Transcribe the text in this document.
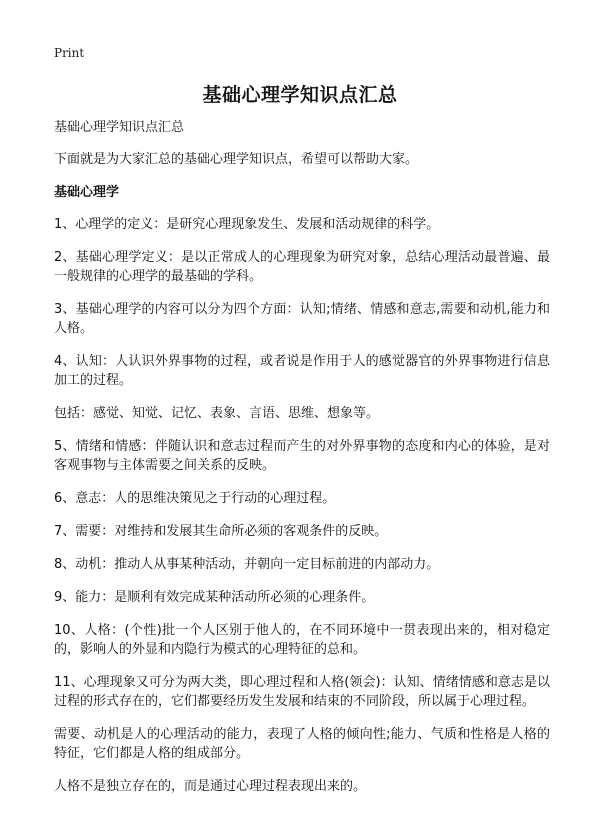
Print
基础心理学知识点汇总

基础心理学知识点汇总

下面就是为大家汇总的基础心理学知识点，希望可以帮助大家。

基础心理学

1、心理学的定义：是研究心理现象发生、发展和活动规律的科学。

2、基础心理学定义：是以正常成人的心理现象为研究对象，总结心理活动最普遍、最一般规律的心理学的最基础的学科。

3、基础心理学的内容可以分为四个方面：认知;情绪、情感和意志,需要和动机,能力和人格。

4、认知：人认识外界事物的过程，或者说是作用于人的感觉器官的外界事物进行信息加工的过程。

包括：感觉、知觉、记忆、表象、言语、思维、想象等。

5、情绪和情感：伴随认识和意志过程而产生的对外界事物的态度和内心的体验，是对客观事物与主体需要之间关系的反映。

6、意志：人的思维决策见之于行动的心理过程。

7、需要：对维持和发展其生命所必须的客观条件的反映。

8、动机：推动人从事某种活动，并朝向一定目标前进的内部动力。

9、能力：是顺利有效完成某种活动所必须的心理条件。

10、人格：(个性)批一个人区别于他人的，在不同环境中一贯表现出来的，相对稳定的，影响人的外显和内隐行为模式的心理特征的总和。

11、心理现象又可分为两大类，即心理过程和人格(领会)：认知、情绪情感和意志是以过程的形式存在的，它们都要经历发生发展和结束的不同阶段，所以属于心理过程。

需要、动机是人的心理活动的能力，表现了人格的倾向性;能力、气质和性格是人格的特征，它们都是人格的组成部分。

人格不是独立存在的，而是通过心理过程表现出来的。
